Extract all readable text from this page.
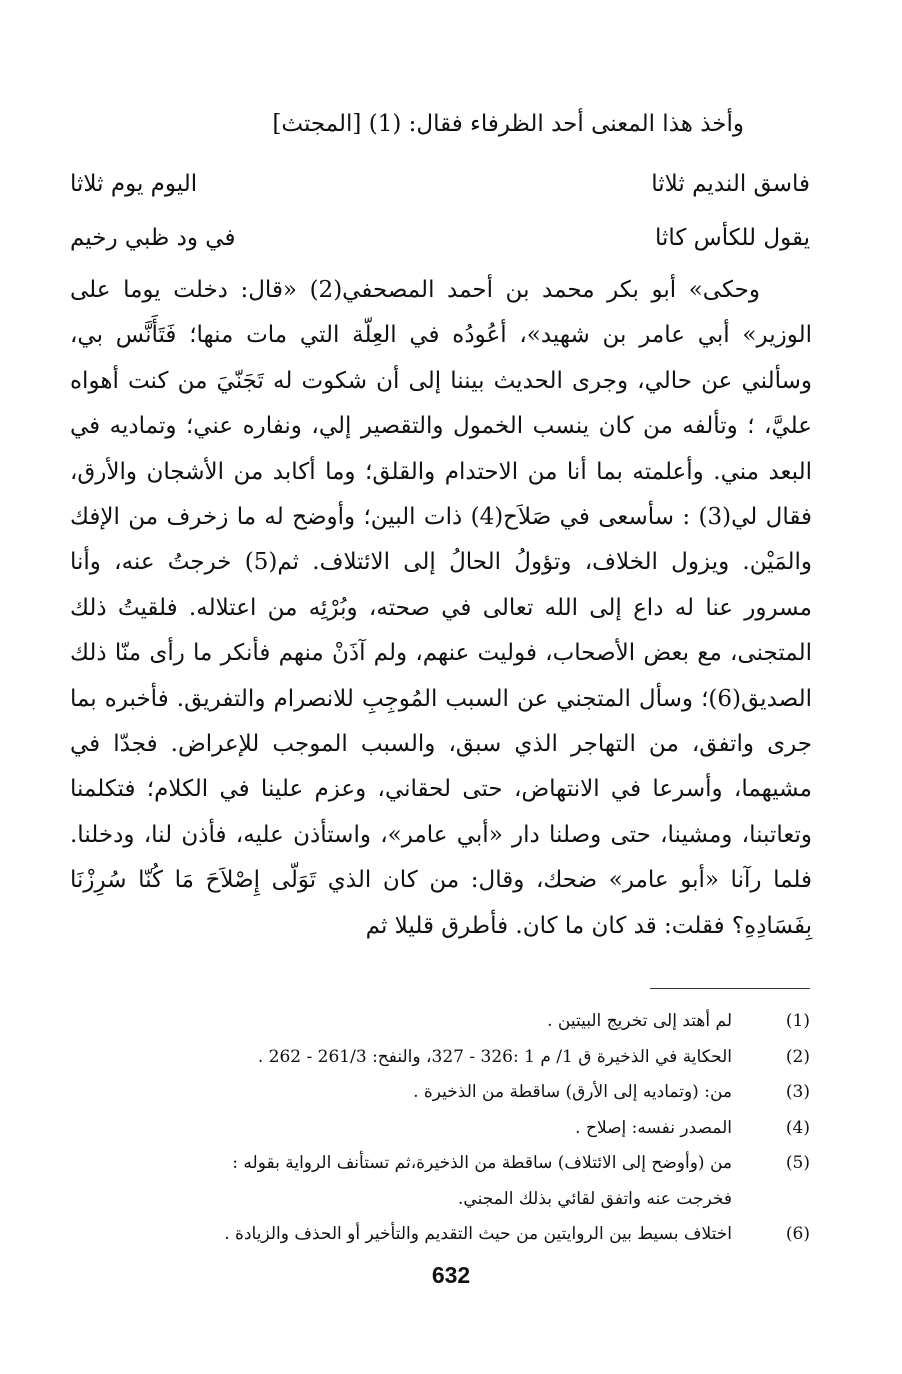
وأخذ هذا المعنى أحد الظرفاء فقال: (1) [المجتث]
اليوم يوم ثلاثا	فاسق النديم ثلاثا
في ود ظبي رخيم	يقول للكأس كاثا

وحكى» أبو بكر محمد بن أحمد المصحفي(2) «قال: دخلت يوما على الوزير» أبي عامر بن شهيد»، أعُودُه في العِلّة التي مات منها؛ فَتَأَنَّس بي، وسألني عن حالي، وجرى الحديث بيننا إلى أن شكوت له تَجَنّيَ من كنت أهواه عليَّ، ؛ وتألفه من كان ينسب الخمول والتقصير إلي، ونفاره عني؛ وتماديه في البعد مني. وأعلمته بما أنا من الاحتدام والقلق؛ وما أكابد من الأشجان والأرق، فقال لي(3) : سأسعى في صَلاَح(4) ذات البين؛ وأوضح له ما زخرف من الإفك والمَيْن. ويزول الخلاف، وتؤولُ الحالُ إلى الائتلاف. ثم(5) خرجتُ عنه، وأنا مسرور عنا له داع إلى الله تعالى في صحته، وبُرْئِه من اعتلاله. فلقيتُ ذلك المتجنى، مع بعض الأصحاب، فوليت عنهم، ولم آذَنْ منهم فأنكر ما رأى منّا ذلك الصديق(6)؛ وسأل المتجني عن السبب المُوجِبِ للانصرام والتفريق. فأخبره بما جرى واتفق، من التهاجر الذي سبق، والسبب الموجب للإعراض. فجدّا في مشيهما، وأسرعا في الانتهاض، حتى لحقاني، وعزم علينا في الكلام؛ فتكلمنا وتعاتبنا، ومشينا، حتى وصلنا دار «أبي عامر»، واستأذن عليه، فأذن لنا، ودخلنا. فلما رآنا «أبو عامر» ضحك، وقال: من كان الذي تَوَلّى إِصْلاَحَ مَا كُنّا سُرِزْنَا بِفَسَادِهِ؟ فقلت: قد كان ما كان. فأطرق قليلا ثم

(1)
لم أهتد إلى تخريج البيتين .
(2)
الحكاية في الذخيرة ق 1/ م 1 :326 - 327، والنفح: 261/3 - 262 .
(3)
من: (وتماديه إلى الأرق) ساقطة من الذخيرة .
(4)
المصدر نفسه: إصلاح .
(5)
من (وأوضح إلى الائتلاف) ساقطة من الذخيرة،ثم تستأنف الرواية بقوله :
فخرجت عنه واتفق لقائي بذلك المجني.
(6)
اختلاف بسيط بين الروايتين من حيث التقديم والتأخير أو الحذف والزيادة .
632
